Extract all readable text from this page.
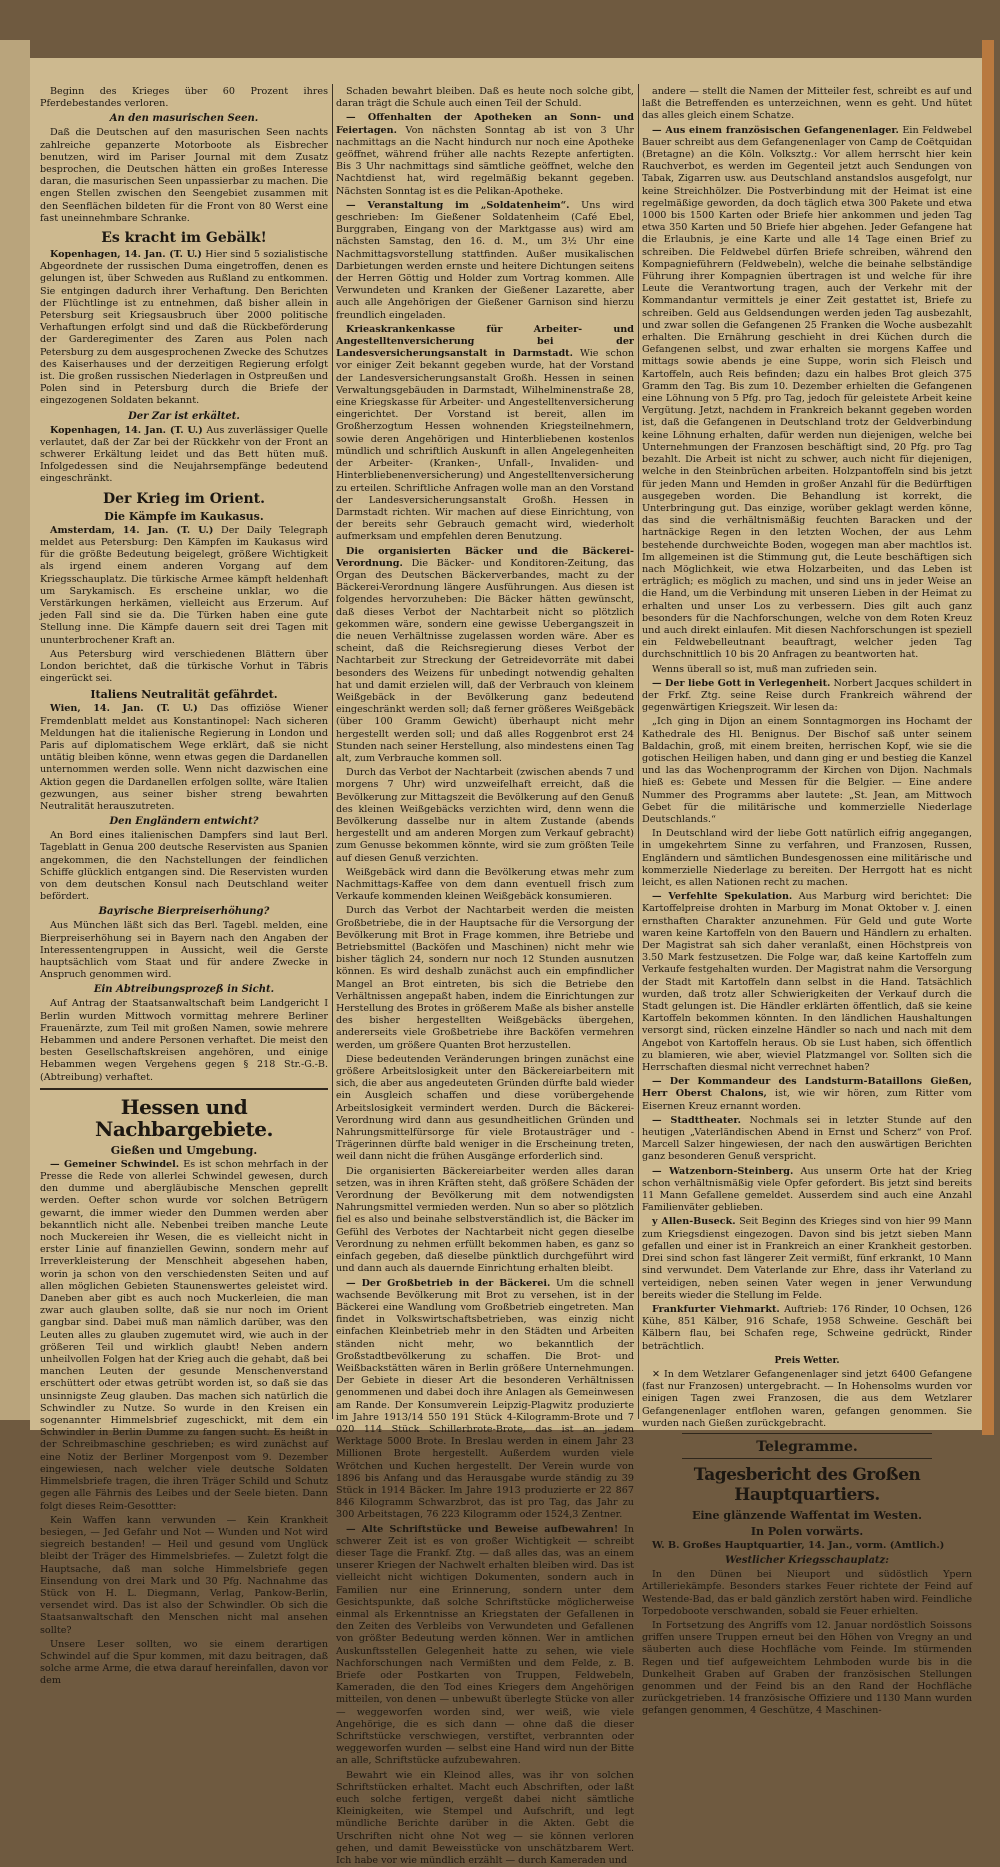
Beginn des Krieges über 60 Prozent ihres Pferdebestandes verloren.

An den masurischen Seen.

Daß die Deutschen auf den masurischen Seen nachts zahlreiche gepanzerte Motorboote als Eisbrecher benutzen, wird im Pariser Journal mit dem Zusatz besprochen, die Deutschen hätten ein großes Interesse daran, die masurischen Seen unpassierbar zu machen. Die engen Stellen zwischen den Seengebiet zusammen mit den Seenflächen bildeten für die Front von 80 Werst eine fast uneinnehmbare Schranke.

Es kracht im Gebälk!

Kopenhagen, 14. Jan. (T. U.) Hier sind 5 sozialistische Abgeordnete der russischen Duma eingetroffen, denen es gelungen ist, über Schweden aus Rußland zu entkommen. Sie entgingen dadurch ihrer Verhaftung. Den Berichten der Flüchtlinge ist zu entnehmen, daß bisher allein in Petersburg seit Kriegsausbruch über 2000 politische Verhaftungen erfolgt sind und daß die Rückbeförderung der Garderegimenter des Zaren aus Polen nach Petersburg zu dem ausgesprochenen Zwecke des Schutzes des Kaiserhauses und der derzeitigen Regierung erfolgt ist. Die großen russischen Niederlagen in Ostpreußen und Polen sind in Petersburg durch die Briefe der eingezogenen Soldaten bekannt.

Der Zar ist erkältet.

Kopenhagen, 14. Jan. (T. U.) Aus zuverlässiger Quelle verlautet, daß der Zar bei der Rückkehr von der Front an schwerer Erkältung leidet und das Bett hüten muß. Infolgedessen sind die Neujahrsempfänge bedeutend eingeschränkt.

Der Krieg im Orient.
Die Kämpfe im Kaukasus.

Amsterdam, 14. Jan. (T. U.) Der Daily Telegraph meldet aus Petersburg: Den Kämpfen im Kaukasus wird für die größte Bedeutung beigelegt, größere Wichtigkeit als irgend einem anderen Vorgang auf dem Kriegsschauplatz. Die türkische Armee kämpft heldenhaft um Sarykamisch. Es erscheine unklar, wo die Verstärkungen herkämen, vielleicht aus Erzerum. Auf jeden Fall sind sie da. Die Türken haben eine gute Stellung inne. Die Kämpfe dauern seit drei Tagen mit ununterbrochener Kraft an.

Aus Petersburg wird verschiedenen Blättern über London berichtet, daß die türkische Vorhut in Täbris eingerückt sei.

Italiens Neutralität gefährdet.

Wien, 14. Jan. (T. U.) Das offiziöse Wiener Fremdenblatt meldet aus Konstantinopel: Nach sicheren Meldungen hat die italienische Regierung in London und Paris auf diplomatischem Wege erklärt, daß sie nicht untätig bleiben könne, wenn etwas gegen die Dardanellen unternommen werden solle. Wenn nicht dazwischen eine Aktion gegen die Dardanellen erfolgen sollte, wäre Italien gezwungen, aus seiner bisher streng bewahrten Neutralität herauszutreten.

Den Engländern entwicht?

An Bord eines italienischen Dampfers sind laut Berl. Tageblatt in Genua 200 deutsche Reservisten aus Spanien angekommen, die den Nachstellungen der feindlichen Schiffe glücklich entgangen sind. Die Reservisten wurden von dem deutschen Konsul nach Deutschland weiter befördert.

Bayrische Bierpreiserhöhung?

Aus München läßt sich das Berl. Tagebl. melden, eine Bierpreiserhöhung sei in Bayern nach den Angaben der Interessentengruppen in Aussicht, weil die Gerste hauptsächlich vom Staat und für andere Zwecke in Anspruch genommen wird.

Ein Abtreibungsprozeß in Sicht.

Auf Antrag der Staatsanwaltschaft beim Landgericht I Berlin wurden Mittwoch vormittag mehrere Berliner Frauenärzte, zum Teil mit großen Namen, sowie mehrere Hebammen und andere Personen verhaftet. Die meist den besten Gesellschaftskreisen angehören, und einige Hebammen wegen Vergehens gegen § 218 Str.-G.-B. (Abtreibung) verhaftet.

Hessen und Nachbargebiete.
Gießen und Umgebung.

— Gemeiner Schwindel. Es ist schon mehrfach in der Presse die Rede von allerlei Schwindel gewesen, durch den dumme und abergläubische Menschen geprellt werden. Oefter schon wurde vor solchen Betrügern gewarnt, die immer wieder den Dummen werden aber bekanntlich nicht alle. Nebenbei treiben manche Leute noch Muckereien ihr Wesen, die es vielleicht nicht in erster Linie auf finanziellen Gewinn, sondern mehr auf Irreverkleisterung der Menschheit abgesehen haben, worin ja schon von den verschiedensten Seiten und auf allen möglichen Gebieten Staunenswertes geleistet wird. Daneben aber gibt es auch noch Muckerleien, die man zwar auch glauben sollte, daß sie nur noch im Orient gangbar sind. Dabei muß man nämlich darüber, was den Leuten alles zu glauben zugemutet wird, wie auch in der größeren Teil und wirklich glaubt! Neben andern unheilvollen Folgen hat der Krieg auch die gehabt, daß bei manchen Leuten der gesunde Menschenverstand erschüttert oder etwas getrübt worden ist, so daß sie das unsinnigste Zeug glauben. Das machen sich natürlich die Schwindler zu Nutze. So wurde in den Kreisen ein sogenannter Himmelsbrief zugeschickt, mit dem ein Schwindler in Berlin Dumme zu fangen sucht. Es heißt in der Schreibmaschine geschrieben; es wird zunächst auf eine Notiz der Berliner Morgenpost vom 9. Dezember eingewiesen, nach welcher viele deutsche Soldaten Himmelsbriefe tragen, die ihren Träger Schild und Schutz gegen alle Fährnis des Leibes und der Seele bieten. Dann folgt dieses Reim-Gesottter:

Kein Waffen kann verwunden — Kein Krankheit besiegen, — Jed Gefahr und Not — Wunden und Not wird siegreich bestanden! — Heil und gesund vom Unglück bleibt der Träger des Himmelsbriefes. — Zuletzt folgt die Hauptsache, daß man solche Himmelsbriefe gegen Einsendung von drei Mark und 30 Pfg. Nachnahme das Stück von H. L. Diegmann, Verlag, Pankow-Berlin, versendet wird. Das ist also der Schwindler. Ob sich die Staatsanwaltschaft den Menschen nicht mal ansehen sollte?

Unsere Leser sollten, wo sie einem derartigen Schwindel auf die Spur kommen, mit dazu beitragen, daß solche arme Arme, die etwa darauf hereinfallen, davon vor dem

Schaden bewahrt bleiben. Daß es heute noch solche gibt, daran trägt die Schule auch einen Teil der Schuld.

— Offenhalten der Apotheken an Sonn- und Feiertagen. Von nächsten Sonntag ab ist von 3 Uhr nachmittags an die Nacht hindurch nur noch eine Apotheke geöffnet, während früher alle nachts Rezepte anfertigten. Bis 3 Uhr nachmittags sind sämtliche geöffnet, welche den Nachtdienst hat, wird regelmäßig bekannt gegeben. Nächsten Sonntag ist es die Pelikan-Apotheke.

— Veranstaltung im „Soldatenheim“. Uns wird geschrieben: Im Gießener Soldatenheim (Café Ebel, Burggraben, Eingang von der Marktgasse aus) wird am nächsten Samstag, den 16. d. M., um 3½ Uhr eine Nachmittagsvorstellung stattfinden. Außer musikalischen Darbietungen werden ernste und heitere Dichtungen seitens der Herren Göttig und Holder zum Vortrag kommen. Alle Verwundeten und Kranken der Gießener Lazarette, aber auch alle Angehörigen der Gießener Garnison sind hierzu freundlich eingeladen.

Krieaskrankenkasse für Arbeiter- und Angestelltenversicherung bei der Landesversicherungsanstalt in Darmstadt. Wie schon vor einiger Zeit bekannt gegeben wurde, hat der Vorstand der Landesversicherungsanstalt Großh. Hessen in seinen Verwaltungsgebäuden in Darmstadt, Wilhelminenstraße 28, eine Kriegskasse für Arbeiter- und Angestelltenversicherung eingerichtet. Der Vorstand ist bereit, allen im Großherzogtum Hessen wohnenden Kriegsteilnehmern, sowie deren Angehörigen und Hinterbliebenen kostenlos mündlich und schriftlich Auskunft in allen Angelegenheiten der Arbeiter- (Kranken-, Unfall-, Invaliden- und Hinterbliebenenversicherung) und Angestelltenversicherung zu erteilen. Schriftliche Anfragen wolle man an den Vorstand der Landesversicherungsanstalt Großh. Hessen in Darmstadt richten. Wir machen auf diese Einrichtung, von der bereits sehr Gebrauch gemacht wird, wiederholt aufmerksam und empfehlen deren Benutzung.

Die organisierten Bäcker und die Bäckerei-Verordnung. Die Bäcker- und Konditoren-Zeitung, das Organ des Deutschen Bäckerverbandes, macht zu der Bäckerei-Verordnung längere Ausführungen. Aus diesen ist folgendes hervorzuheben: Die Bäcker hätten gewünscht, daß dieses Verbot der Nachtarbeit nicht so plötzlich gekommen wäre, sondern eine gewisse Uebergangszeit in die neuen Verhältnisse zugelassen worden wäre. Aber es scheint, daß die Reichsregierung dieses Verbot der Nachtarbeit zur Streckung der Getreidevorräte mit dabei besonders des Weizens für unbedingt notwendig gehalten hat und damit erzielen will, daß der Verbrauch von kleinem Weißgebäck in der Bevölkerung ganz bedeutend eingeschränkt werden soll; daß ferner größeres Weißgebäck (über 100 Gramm Gewicht) überhaupt nicht mehr hergestellt werden soll; und daß alles Roggenbrot erst 24 Stunden nach seiner Herstellung, also mindestens einen Tag alt, zum Verbrauche kommen soll.

Durch das Verbot der Nachtarbeit (zwischen abends 7 und morgens 7 Uhr) wird unzweifelhaft erreicht, daß die Bevölkerung zur Mittagszeit die Bevölkerung auf den Genuß des kleinen Weißgebäcks verzichten wird, denn wenn die Bevölkerung dasselbe nur in altem Zustande (abends hergestellt und am anderen Morgen zum Verkauf gebracht) zum Genusse bekommen könnte, wird sie zum größten Teile auf diesen Genuß verzichten.

Weißgebäck wird dann die Bevölkerung etwas mehr zum Nachmittags-Kaffee von dem dann eventuell frisch zum Verkaufe kommenden kleinen Weißgebäck konsumieren.

Durch das Verbot der Nachtarbeit werden die meisten Großbetriebe, die in der Hauptsache für die Versorgung der Bevölkerung mit Brot in Frage kommen, ihre Betriebe und Betriebsmittel (Backöfen und Maschinen) nicht mehr wie bisher täglich 24, sondern nur noch 12 Stunden ausnutzen können. Es wird deshalb zunächst auch ein empfindlicher Mangel an Brot eintreten, bis sich die Betriebe den Verhältnissen angepaßt haben, indem die Einrichtungen zur Herstellung des Brotes in größerem Maße als bisher anstelle des bisher hergestellten Weißgebäcks übergehen, andererseits viele Großbetriebe ihre Backöfen vermehren werden, um größere Quanten Brot herzustellen.

Diese bedeutenden Veränderungen bringen zunächst eine größere Arbeitslosigkeit unter den Bäckereiarbeitern mit sich, die aber aus angedeuteten Gründen dürfte bald wieder ein Ausgleich schaffen und diese vorübergehende Arbeitslosigkeit vermindert werden. Durch die Bäckerei-Verordnung wird dann aus gesundheitlichen Gründen und Nahrungsmittelfürsorge für viele Brotausträger und -Trägerinnen dürfte bald weniger in die Erscheinung treten, weil dann nicht die frühen Ausgänge erforderlich sind.

Die organisierten Bäckereiarbeiter werden alles daran setzen, was in ihren Kräften steht, daß größere Schäden der Verordnung der Bevölkerung mit dem notwendigsten Nahrungsmittel vermieden werden. Nun so aber so plötzlich fiel es also und beinahe selbstverständlich ist, die Bäcker im Gefühl des Verbotes der Nachtarbeit nicht gegen dieselbe Verordnung zu nehmen erfüllt bekommen haben, es ganz so einfach gegeben, daß dieselbe pünktlich durchgeführt wird und dann auch als dauernde Einrichtung erhalten bleibt.

— Der Großbetrieb in der Bäckerei. Um die schnell wachsende Bevölkerung mit Brot zu versehen, ist in der Bäckerei eine Wandlung vom Großbetrieb eingetreten. Man findet in Volkswirtschaftsbetrieben, was einzig nicht einfachen Kleinbetrieb mehr in den Städten und Arbeiten ständen nicht mehr, wo bekanntlich der Großstadtbevölkerung zu schaffen. Die Brot- und Weißbackstätten wären in Berlin größere Unternehmungen. Der Gebiete in dieser Art die besonderen Verhältnissen genommenen und dabei doch ihre Anlagen als Gemeinwesen am Rande. Der Konsumverein Leipzig-Plagwitz produzierte im Jahre 1913/14 550 191 Stück 4-Kilogramm-Brote und 7 020 114 Stück Schillerbrote-Brote, das ist an jedem Werktage 5000 Brote. In Breslau werden in einem Jahr 23 Millionen Brote hergestellt. Außerdem wurden viele Wrötchen und Kuchen hergestellt. Der Verein wurde von 1896 bis Anfang und das Herausgabe wurde ständig zu 39 Stück in 1914 Bäcker. Im Jahre 1913 produzierte er 22 867 846 Kilogramm Schwarzbrot, das ist pro Tag, das Jahr zu 300 Arbeitstagen, 76 223 Kilogramm oder 1524,3 Zentner.

— Alte Schriftstücke und Beweise aufbewahren! In schwerer Zeit ist es von großer Wichtigkeit — schreibt dieser Tage die Frankf. Ztg. — daß alles das, was an einem unserer Kriegen der Nachwelt erhalten bleiben wird. Das ist vielleicht nicht wichtigen Dokumenten, sondern auch in Familien nur eine Erinnerung, sondern unter dem Gesichtspunkte, daß solche Schriftstücke möglicherweise einmal als Erkenntnisse an Kriegstaten der Gefallenen in den Zeiten des Verbleibs von Verwundeten und Gefallenen von größter Bedeutung werden können. Wer in amtlichen Auskunftsstellen Gelegenheit hatte zu sehen, wie viele Nachforschungen nach Vermißten und dem Felde, z. B. Briefe oder Postkarten von Truppen, Feldwebeln, Kameraden, die den Tod eines Kriegers dem Angehörigen mitteilen, von denen — unbewußt überlegte Stücke von aller — weggeworfen worden sind, wer weiß, wie viele Angehörige, die es sich dann — ohne daß die dieser Schriftstücke verschwiegen, verstiftet, verbrannten oder weggeworfen wurden — selbst eine Hand wird nun der Bitte an alle, Schriftstücke aufzubewahren.

Bewahrt wie ein Kleinod alles, was ihr von solchen Schriftstücken erhaltet. Macht euch Abschriften, oder laßt euch solche fertigen, vergeßt dabei nicht sämtliche Kleinigkeiten, wie Stempel und Aufschrift, und legt mündliche Berichte darüber in die Akten. Gebt die Urschriften nicht ohne Not weg — sie können verloren gehen, und damit Beweisstücke von unschätzbarem Wert. Ich habe vor wie mündlich erzählt — durch Kameraden und

andere — stellt die Namen der Mitteiler fest, schreibt es auf und laßt die Betreffenden es unterzeichnen, wenn es geht. Und hütet das alles gleich einem Schatze.

— Aus einem französischen Gefangenenlager. Ein Feldwebel Bauer schreibt aus dem Gefangenenlager von Camp de Coëtquidan (Bretagne) an die Köln. Volksztg.: Vor allem herrscht hier kein Rauchverbot, es werden im Gegenteil jetzt auch Sendungen von Tabak, Zigarren usw. aus Deutschland anstandslos ausgefolgt, nur keine Streichhölzer. Die Postverbindung mit der Heimat ist eine regelmäßige geworden, da doch täglich etwa 300 Pakete und etwa 1000 bis 1500 Karten oder Briefe hier ankommen und jeden Tag etwa 350 Karten und 50 Briefe hier abgehen. Jeder Gefangene hat die Erlaubnis, je eine Karte und alle 14 Tage einen Brief zu schreiben. Die Feldwebel dürfen Briefe schreiben, während den Kompagnieführern (Feldwebeln), welche die beinahe selbständige Führung ihrer Kompagnien übertragen ist und welche für ihre Leute die Verantwortung tragen, auch der Verkehr mit der Kommandantur vermittels je einer Zeit gestattet ist, Briefe zu schreiben. Geld aus Geldsendungen werden jeden Tag ausbezahlt, und zwar sollen die Gefangenen 25 Franken die Woche ausbezahlt erhalten. Die Ernährung geschieht in drei Küchen durch die Gefangenen selbst, und zwar erhalten sie morgens Kaffee und mittags sowie abends je eine Suppe, worin sich Fleisch und Kartoffeln, auch Reis befinden; dazu ein halbes Brot gleich 375 Gramm den Tag. Bis zum 10. Dezember erhielten die Gefangenen eine Löhnung von 5 Pfg. pro Tag, jedoch für geleistete Arbeit keine Vergütung. Jetzt, nachdem in Frankreich bekannt gegeben worden ist, daß die Gefangenen in Deutschland trotz der Geldverbindung keine Löhnung erhalten, dafür werden nun diejenigen, welche bei Unternehmungen der Franzosen beschäftigt sind, 20 Pfg. pro Tag bezahlt. Die Arbeit ist nicht zu schwer, auch nicht für diejenigen, welche in den Steinbrüchen arbeiten. Holzpantoffeln sind bis jetzt für jeden Mann und Hemden in großer Anzahl für die Bedürftigen ausgegeben worden. Die Behandlung ist korrekt, die Unterbringung gut. Das einzige, worüber geklagt werden könne, das sind die verhältnismäßig feuchten Baracken und der hartnäckige Regen in den letzten Wochen, der aus Lehm bestehende durchweichte Boden, wogegen man aber machtlos ist. Im allgemeinen ist die Stimmung gut, die Leute beschäftigen sich nach Möglichkeit, wie etwa Holzarbeiten, und das Leben ist erträglich; es möglich zu machen, und sind uns in jeder Weise an die Hand, um die Verbindung mit unseren Lieben in der Heimat zu erhalten und unser Los zu verbessern. Dies gilt auch ganz besonders für die Nachforschungen, welche von dem Roten Kreuz und auch direkt einlaufen. Mit diesen Nachforschungen ist speziell ein Feldwebelleutnant beauftragt, welcher jeden Tag durchschnittlich 10 bis 20 Anfragen zu beantworten hat.

Wenns überall so ist, muß man zufrieden sein.

— Der liebe Gott in Verlegenheit. Norbert Jacques schildert in der Frkf. Ztg. seine Reise durch Frankreich während der gegenwärtigen Kriegszeit. Wir lesen da:

„Ich ging in Dijon an einem Sonntagmorgen ins Hochamt der Kathedrale des Hl. Benignus. Der Bischof saß unter seinem Baldachin, groß, mit einem breiten, herrischen Kopf, wie sie die gotischen Heiligen haben, und dann ging er und bestieg die Kanzel und las das Wochenprogramm der Kirchen von Dijon. Nachmals hieß es: Gebete und Messen für die Belgier. — Eine andere Nummer des Programms aber lautete: „St. Jean, am Mittwoch Gebet für die militärische und kommerzielle Niederlage Deutschlands.“

In Deutschland wird der liebe Gott natürlich eifrig angegangen, in umgekehrtem Sinne zu verfahren, und Franzosen, Russen, Engländern und sämtlichen Bundesgenossen eine militärische und kommerzielle Niederlage zu bereiten. Der Herrgott hat es nicht leicht, es allen Nationen recht zu machen.

— Verfehlte Spekulation. Aus Marburg wird berichtet: Die Kartoffelpreise drohten in Marburg im Monat Oktober v. J. einen ernsthaften Charakter anzunehmen. Für Geld und gute Worte waren keine Kartoffeln von den Bauern und Händlern zu erhalten. Der Magistrat sah sich daher veranlaßt, einen Höchstpreis von 3.50 Mark festzusetzen. Die Folge war, daß keine Kartoffeln zum Verkaufe festgehalten wurden. Der Magistrat nahm die Versorgung der Stadt mit Kartoffeln dann selbst in die Hand. Tatsächlich wurden, daß trotz aller Schwierigkeiten der Verkauf durch die Stadt gelungen ist. Die Händler erklärten öffentlich, daß sie keine Kartoffeln bekommen könnten. In den ländlichen Haushaltungen versorgt sind, rücken einzelne Händler so nach und nach mit dem Angebot von Kartoffeln heraus. Ob sie Lust haben, sich öffentlich zu blamieren, wie aber, wieviel Platzmangel vor. Sollten sich die Herrschaften diesmal nicht verrechnet haben?

— Der Kommandeur des Landsturm-Bataillons Gießen, Herr Oberst Chalons, ist, wie wir hören, zum Ritter vom Eisernen Kreuz ernannt worden.

— Stadttheater. Nochmals sei in letzter Stunde auf den heutigen „Vaterländischen Abend in Ernst und Scherz“ von Prof. Marcell Salzer hingewiesen, der nach den auswärtigen Berichten ganz besonderen Genuß verspricht.

— Watzenborn-Steinberg. Aus unserm Orte hat der Krieg schon verhältnismäßig viele Opfer gefordert. Bis jetzt sind bereits 11 Mann Gefallene gemeldet. Ausserdem sind auch eine Anzahl Familienväter geblieben.

y Allen-Buseck. Seit Beginn des Krieges sind von hier 99 Mann zum Kriegsdienst eingezogen. Davon sind bis jetzt sieben Mann gefallen und einer ist in Frankreich an einer Krankheit gestorben. Drei sind schon fast längerer Zeit vermißt, fünf erkrankt, 10 Mann sind verwundet. Dem Vaterlande zur Ehre, dass ihr Vaterland zu verteidigen, neben seinen Vater wegen in jener Verwundung bereits wieder die Stellung im Felde.

Frankfurter Viehmarkt. Auftrieb: 176 Rinder, 10 Ochsen, 126 Kühe, 851 Kälber, 916 Schafe, 1958 Schweine. Geschäft bei Kälbern flau, bei Schafen rege, Schweine gedrückt, Rinder beträchtlich.

Preis Wetter.

✕ In dem Wetzlarer Gefangenenlager sind jetzt 6400 Gefangene (fast nur Franzosen) untergebracht. — In Hohensolms wurden vor einigen Tagen zwei Franzosen, die aus dem Wetzlarer Gefangenenlager entflohen waren, gefangen genommen. Sie wurden nach Gießen zurückgebracht.

Telegramme.
Tagesbericht des Großen Hauptquartiers.
Eine glänzende Waffentat im Westen.
In Polen vorwärts.

W. B. Großes Hauptquartier, 14. Jan., vorm. (Amtlich.)

Westlicher Kriegsschauplatz:

In den Dünen bei Nieuport und südöstlich Ypern Artilleriekämpfe. Besonders starkes Feuer richtete der Feind auf Westende-Bad, das er bald gänzlich zerstört haben wird. Feindliche Torpedoboote verschwanden, sobald sie Feuer erhielten.

In Fortsetzung des Angriffs vom 12. Januar nordöstlich Soissons griffen unsere Truppen erneut bei den Höhen von Vregny an und säuberten auch diese Hochfläche vom Feinde. Im stürmenden Regen und tief aufgeweichtem Lehmboden wurde bis in die Dunkelheit Graben auf Graben der französischen Stellungen genommen und der Feind bis an den Rand der Hochfläche zurückgetrieben. 14 französische Offiziere und 1130 Mann wurden gefangen genommen, 4 Geschütze, 4 Maschinen-
